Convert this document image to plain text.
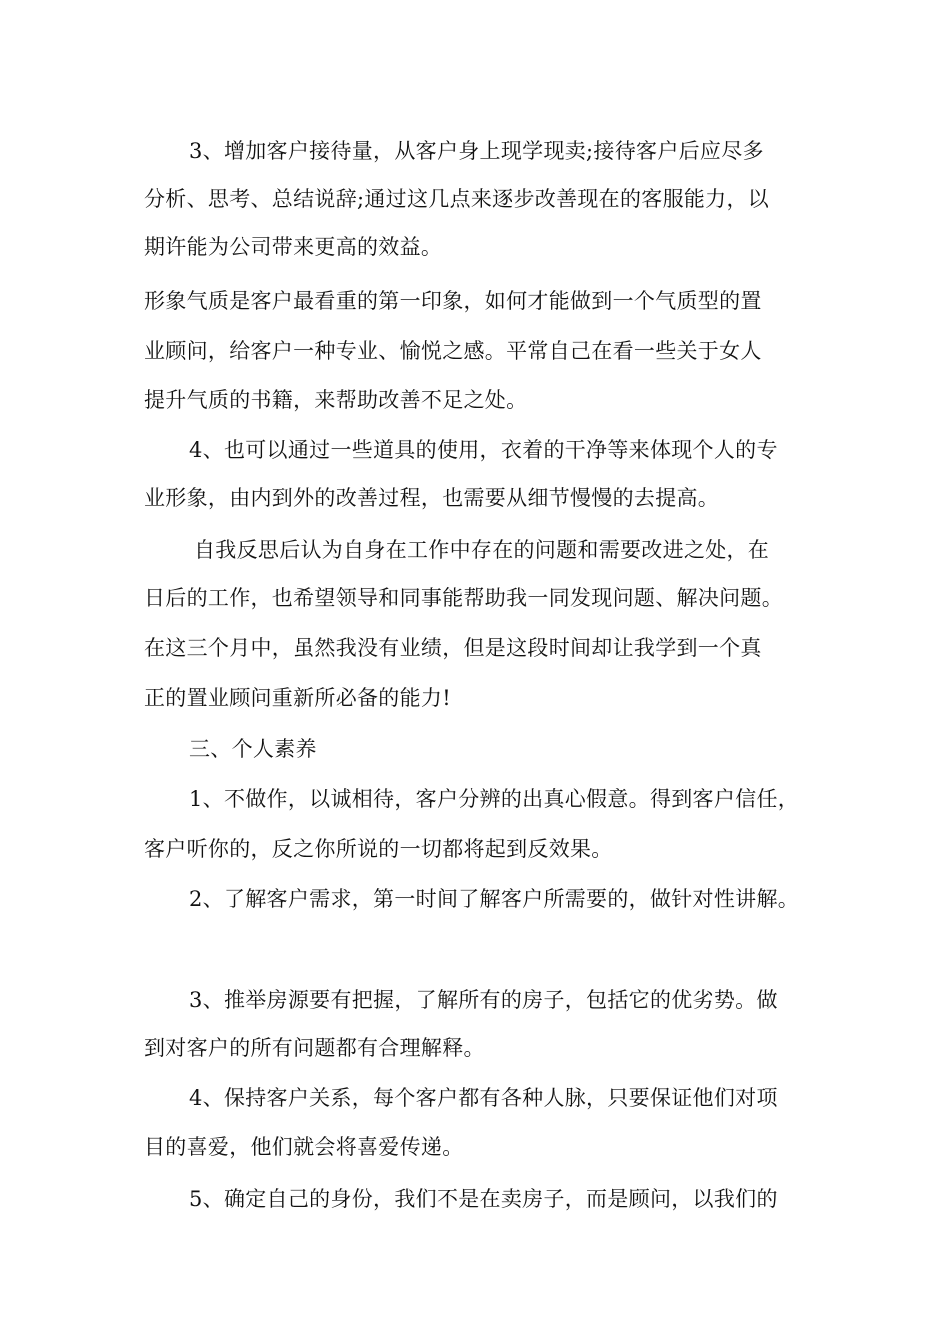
3、增加客户接待量，从客户身上现学现卖;接待客户后应尽多
分析、思考、总结说辞;通过这几点来逐步改善现在的客服能力，以
期许能为公司带来更高的效益。
形象气质是客户最看重的第一印象，如何才能做到一个气质型的置
业顾问，给客户一种专业、愉悦之感。平常自己在看一些关于女人
提升气质的书籍，来帮助改善不足之处。
4、也可以通过一些道具的使用，衣着的干净等来体现个人的专
业形象，由内到外的改善过程，也需要从细节慢慢的去提高。
自我反思后认为自身在工作中存在的问题和需要改进之处，在
日后的工作，也希望领导和同事能帮助我一同发现问题、解决问题。
在这三个月中，虽然我没有业绩，但是这段时间却让我学到一个真
正的置业顾问重新所必备的能力!
三、个人素养
1、不做作，以诚相待，客户分辨的出真心假意。得到客户信任，
客户听你的，反之你所说的一切都将起到反效果。
2、了解客户需求，第一时间了解客户所需要的，做针对性讲解。
3、推举房源要有把握，了解所有的房子，包括它的优劣势。做
到对客户的所有问题都有合理解释。
4、保持客户关系，每个客户都有各种人脉，只要保证他们对项
目的喜爱，他们就会将喜爱传递。
5、确定自己的身份，我们不是在卖房子，而是顾问，以我们的
